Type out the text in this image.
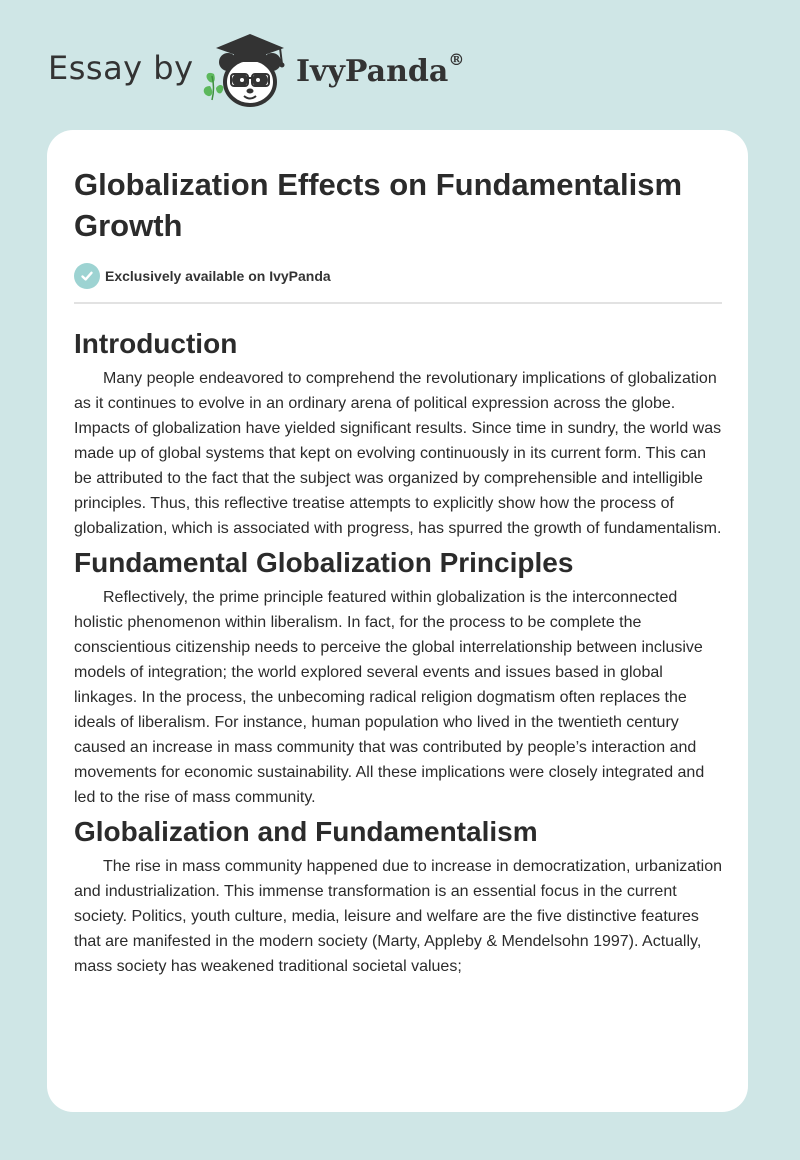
Essay by	IvyPanda®
Globalization Effects on Fundamentalism Growth
Exclusively available on IvyPanda
Introduction

Many people endeavored to comprehend the revolutionary implications of globalization as it continues to evolve in an ordinary arena of political expression across the globe. Impacts of globalization have yielded significant results. Since time in sundry, the world was made up of global systems that kept on evolving continuously in its current form. This can be attributed to the fact that the subject was organized by comprehensible and intelligible principles. Thus, this reflective treatise attempts to explicitly show how the process of globalization, which is associated with progress, has spurred the growth of fundamentalism.

Fundamental Globalization Principles

Reflectively, the prime principle featured within globalization is the interconnected holistic phenomenon within liberalism. In fact, for the process to be complete the conscientious citizenship needs to perceive the global interrelationship between inclusive models of integration; the world explored several events and issues based in global linkages. In the process, the unbecoming radical religion dogmatism often replaces the ideals of liberalism. For instance, human population who lived in the twentieth century caused an increase in mass community that was contributed by people’s interaction and movements for economic sustainability. All these implications were closely integrated and led to the rise of mass community.

Globalization and Fundamentalism

The rise in mass community happened due to increase in democratization, urbanization and industrialization. This immense transformation is an essential focus in the current society. Politics, youth culture, media, leisure and welfare are the five distinctive features that are manifested in the modern society (Marty, Appleby & Mendelsohn 1997). Actually, mass society has weakened traditional societal values;
